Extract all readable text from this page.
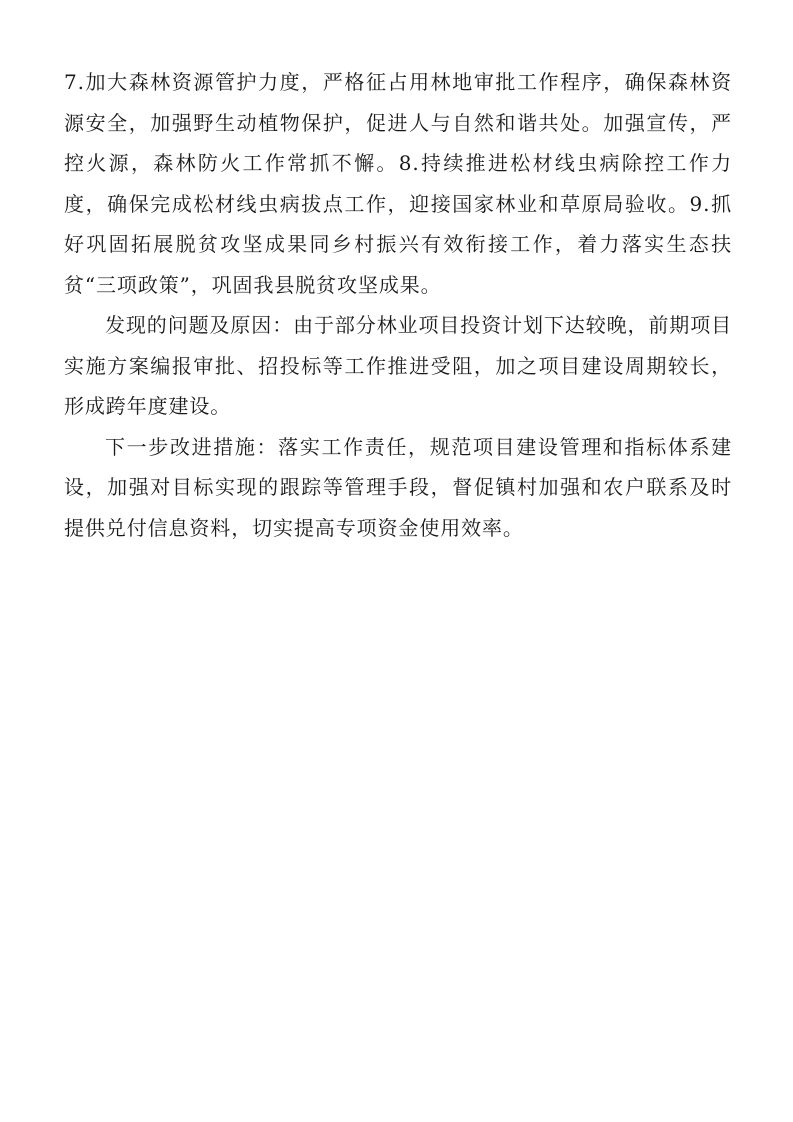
7.加大森林资源管护力度，严格征占用林地审批工作程序，确保森林资源安全，加强野生动植物保护，促进人与自然和谐共处。加强宣传，严控火源，森林防火工作常抓不懈。8.持续推进松材线虫病除控工作力度，确保完成松材线虫病拔点工作，迎接国家林业和草原局验收。9.抓好巩固拓展脱贫攻坚成果同乡村振兴有效衔接工作，着力落实生态扶贫“三项政策”，巩固我县脱贫攻坚成果。

发现的问题及原因：由于部分林业项目投资计划下达较晚，前期项目实施方案编报审批、招投标等工作推进受阻，加之项目建设周期较长，形成跨年度建设。

下一步改进措施：落实工作责任，规范项目建设管理和指标体系建设，加强对目标实现的跟踪等管理手段，督促镇村加强和农户联系及时提供兑付信息资料，切实提高专项资金使用效率。
